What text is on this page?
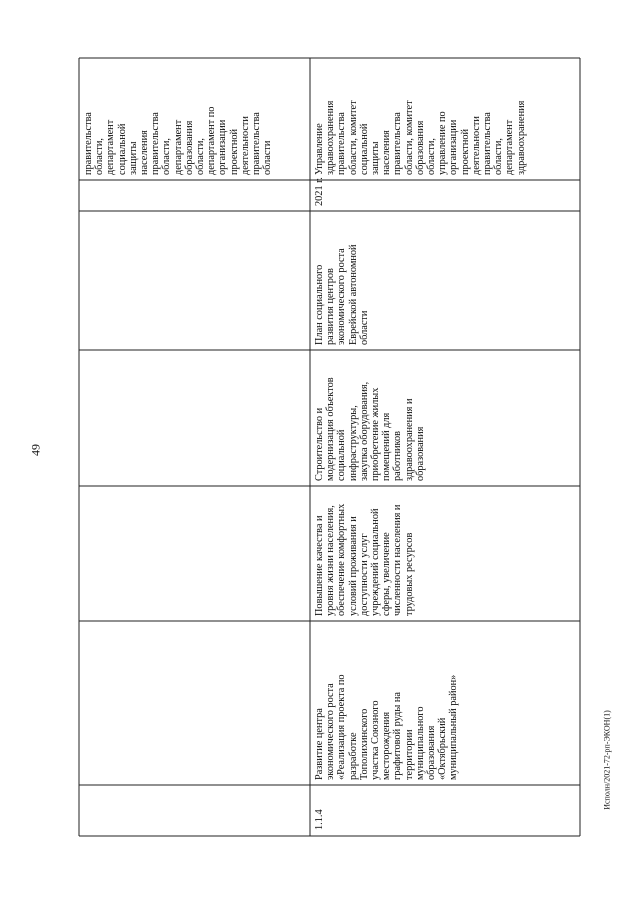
49
правительства
области,
департамент
социальной
защиты
населения
правительства
области,
департамент
образования
области,
департамент по
организации
проектной
деятельности
правительства
области
1.1.4
Развитие центра
экономического роста
«Реализация проекта по
разработке
Тополихинского
участка Союзного
месторождения
графитовой руды на
территории
муниципального
образования
«Октябрьский
муниципальный район»
Повышение качества и
уровня жизни населения,
обеспечение комфортных
условий проживания и
доступности услуг
учреждений социальной
сферы, увеличение
численности населения и
трудовых ресурсов
Строительство и
модернизация объектов
социальной
инфраструктуры,
закупка оборудования,
приобретение жилых
помещений для
работников
здравоохранения и
образования
План социального
развития центров
экономического роста
Еврейской автономной
области
2021 г.
Управление
здравоохранения
правительства
области, комитет
социальной
защиты
населения
правительства
области, комитет
образования
области,
управление по
организации
проектной
деятельности
правительства
области,
департамент
здравоохранения
Исполн/2021-72-рп-ЭКОН(1)
